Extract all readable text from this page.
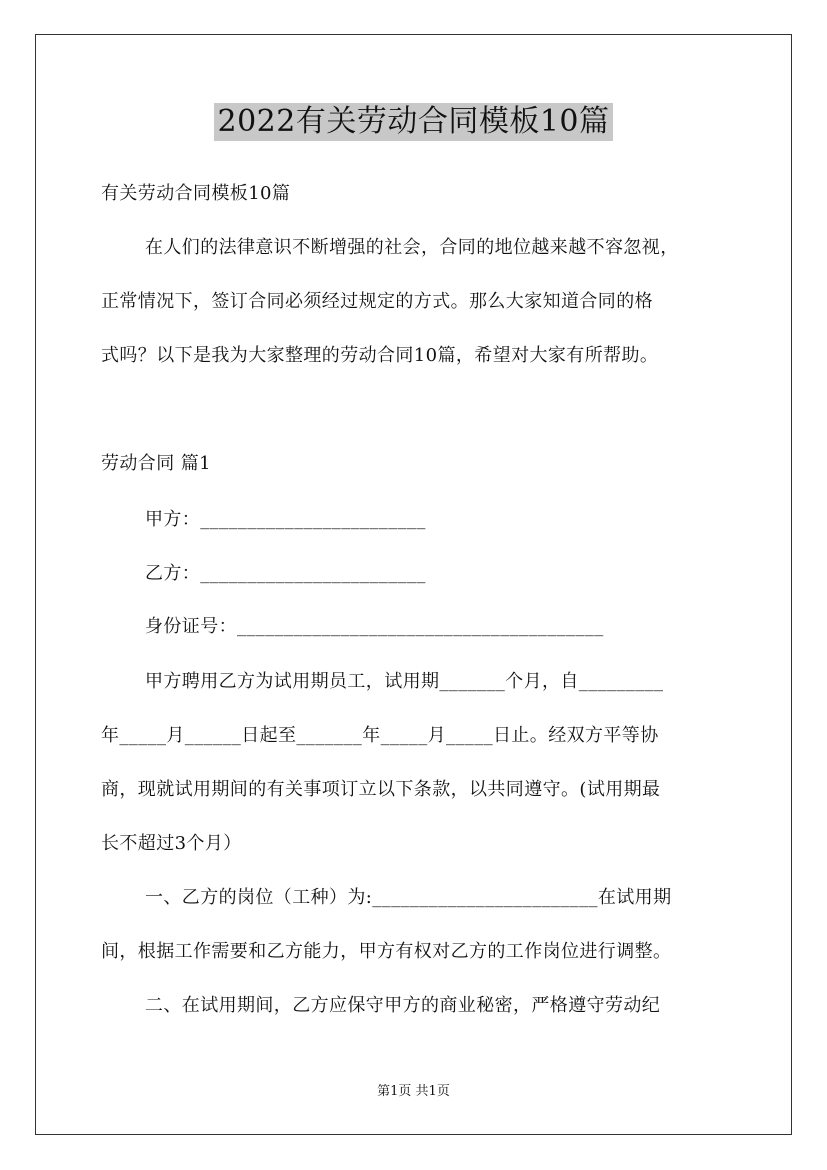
2022有关劳动合同模板10篇
有关劳动合同模板10篇
在人们的法律意识不断增强的社会，合同的地位越来越不容忽视，
正常情况下，签订合同必须经过规定的方式。那么大家知道合同的格
式吗？以下是我为大家整理的劳动合同10篇，希望对大家有所帮助。
劳动合同 篇1
甲方：________________________
乙方：________________________
身份证号：_______________________________________
甲方聘用乙方为试用期员工，试用期_______个月，自_________
年_____月______日起至_______年_____月_____日止。经双方平等协
商，现就试用期间的有关事项订立以下条款，以共同遵守。(试用期最
长不超过3个月）
一、乙方的岗位（工种）为:________________________在试用期
间，根据工作需要和乙方能力，甲方有权对乙方的工作岗位进行调整。
二、在试用期间，乙方应保守甲方的商业秘密，严格遵守劳动纪
第1页 共1页
